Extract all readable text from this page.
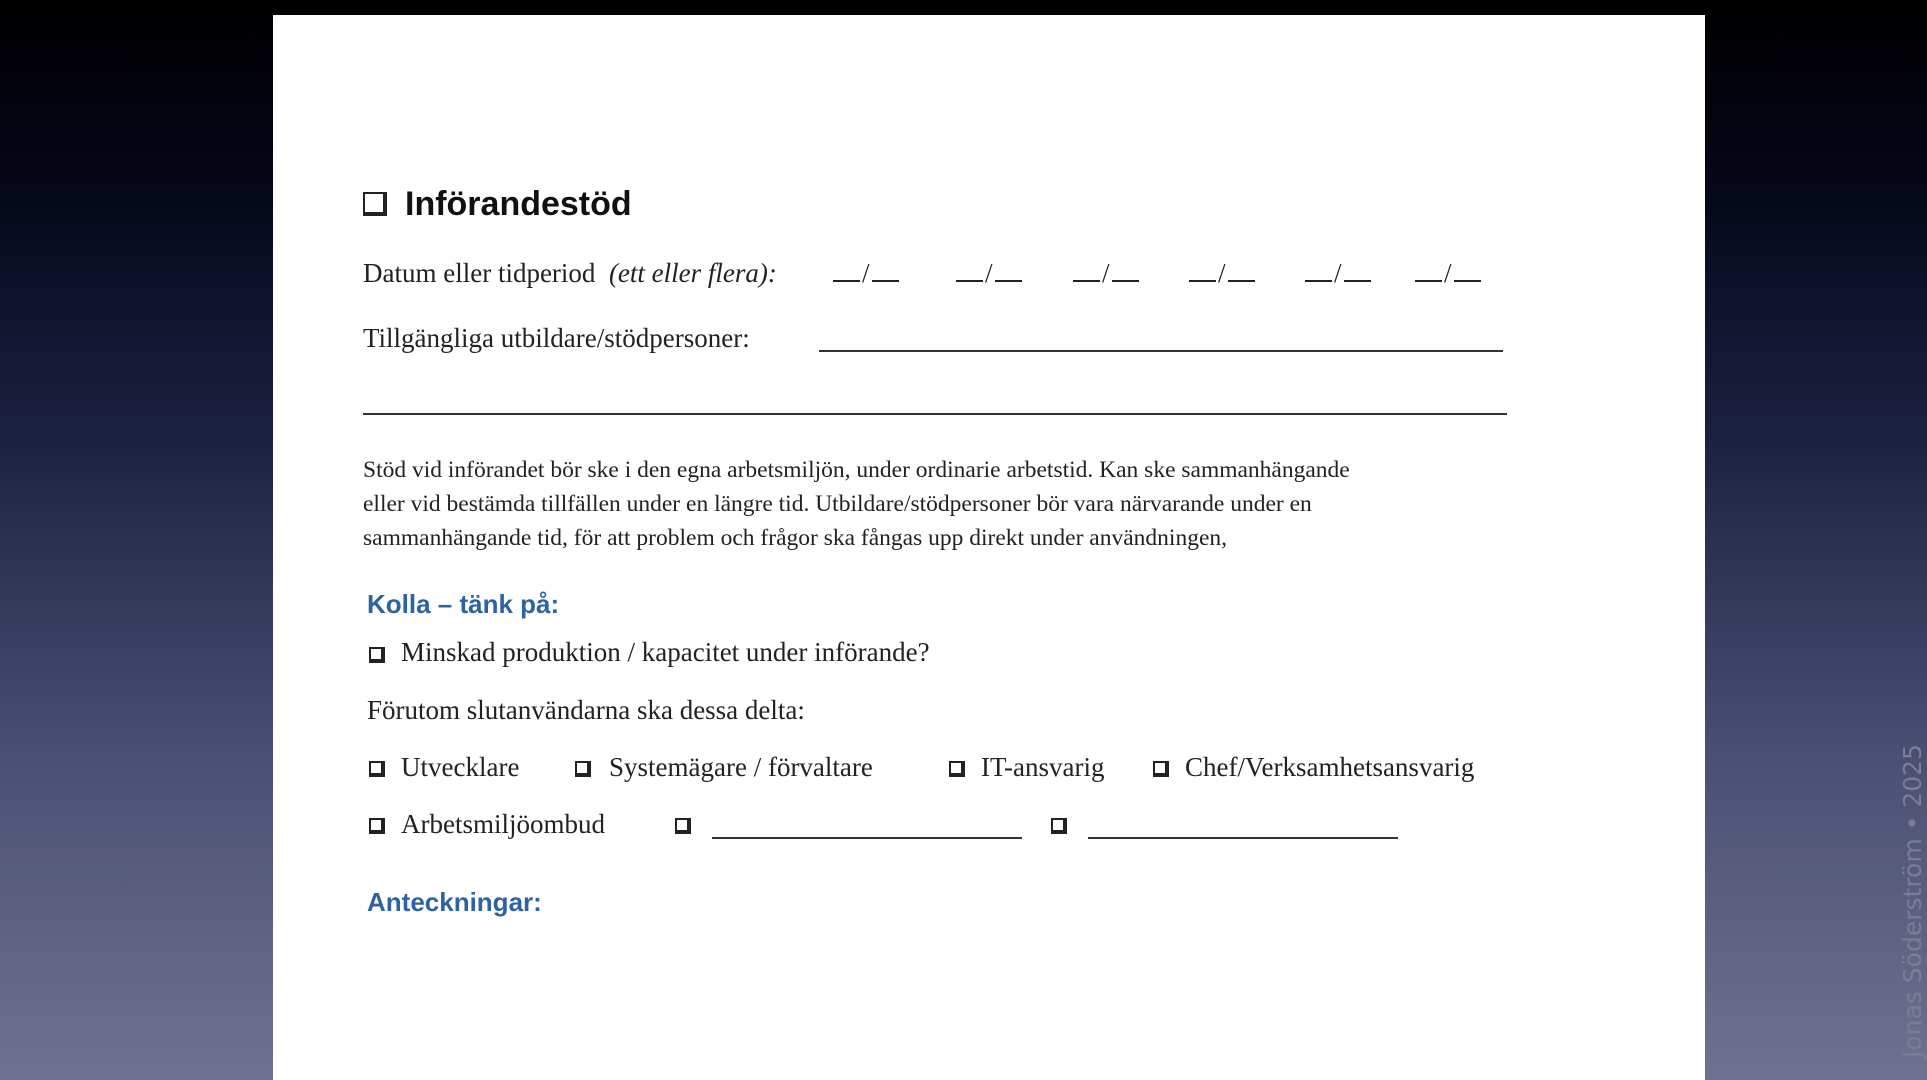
Införandestöd
Datum eller tidperiod (ett eller flera):	/	/	/	/	/	/
Tillgängliga utbildare/stödpersoner:
Stöd vid införandet bör ske i den egna arbetsmiljön, under ordinarie arbetstid. Kan ske sammanhängande
eller vid bestämda tillfällen under en längre tid. Utbildare/stödpersoner bör vara närvarande under en
sammanhängande tid, för att problem och frågor ska fångas upp direkt under användningen,
Kolla – tänk på:
Minskad produktion / kapacitet under införande?
Förutom slutanvändarna ska dessa delta:
Utvecklare	Systemägare / förvaltare	IT-ansvarig	Chef/Verksamhetsansvarig
Arbetsmiljöombud
Anteckningar:	Jonas Söderström • 2025
